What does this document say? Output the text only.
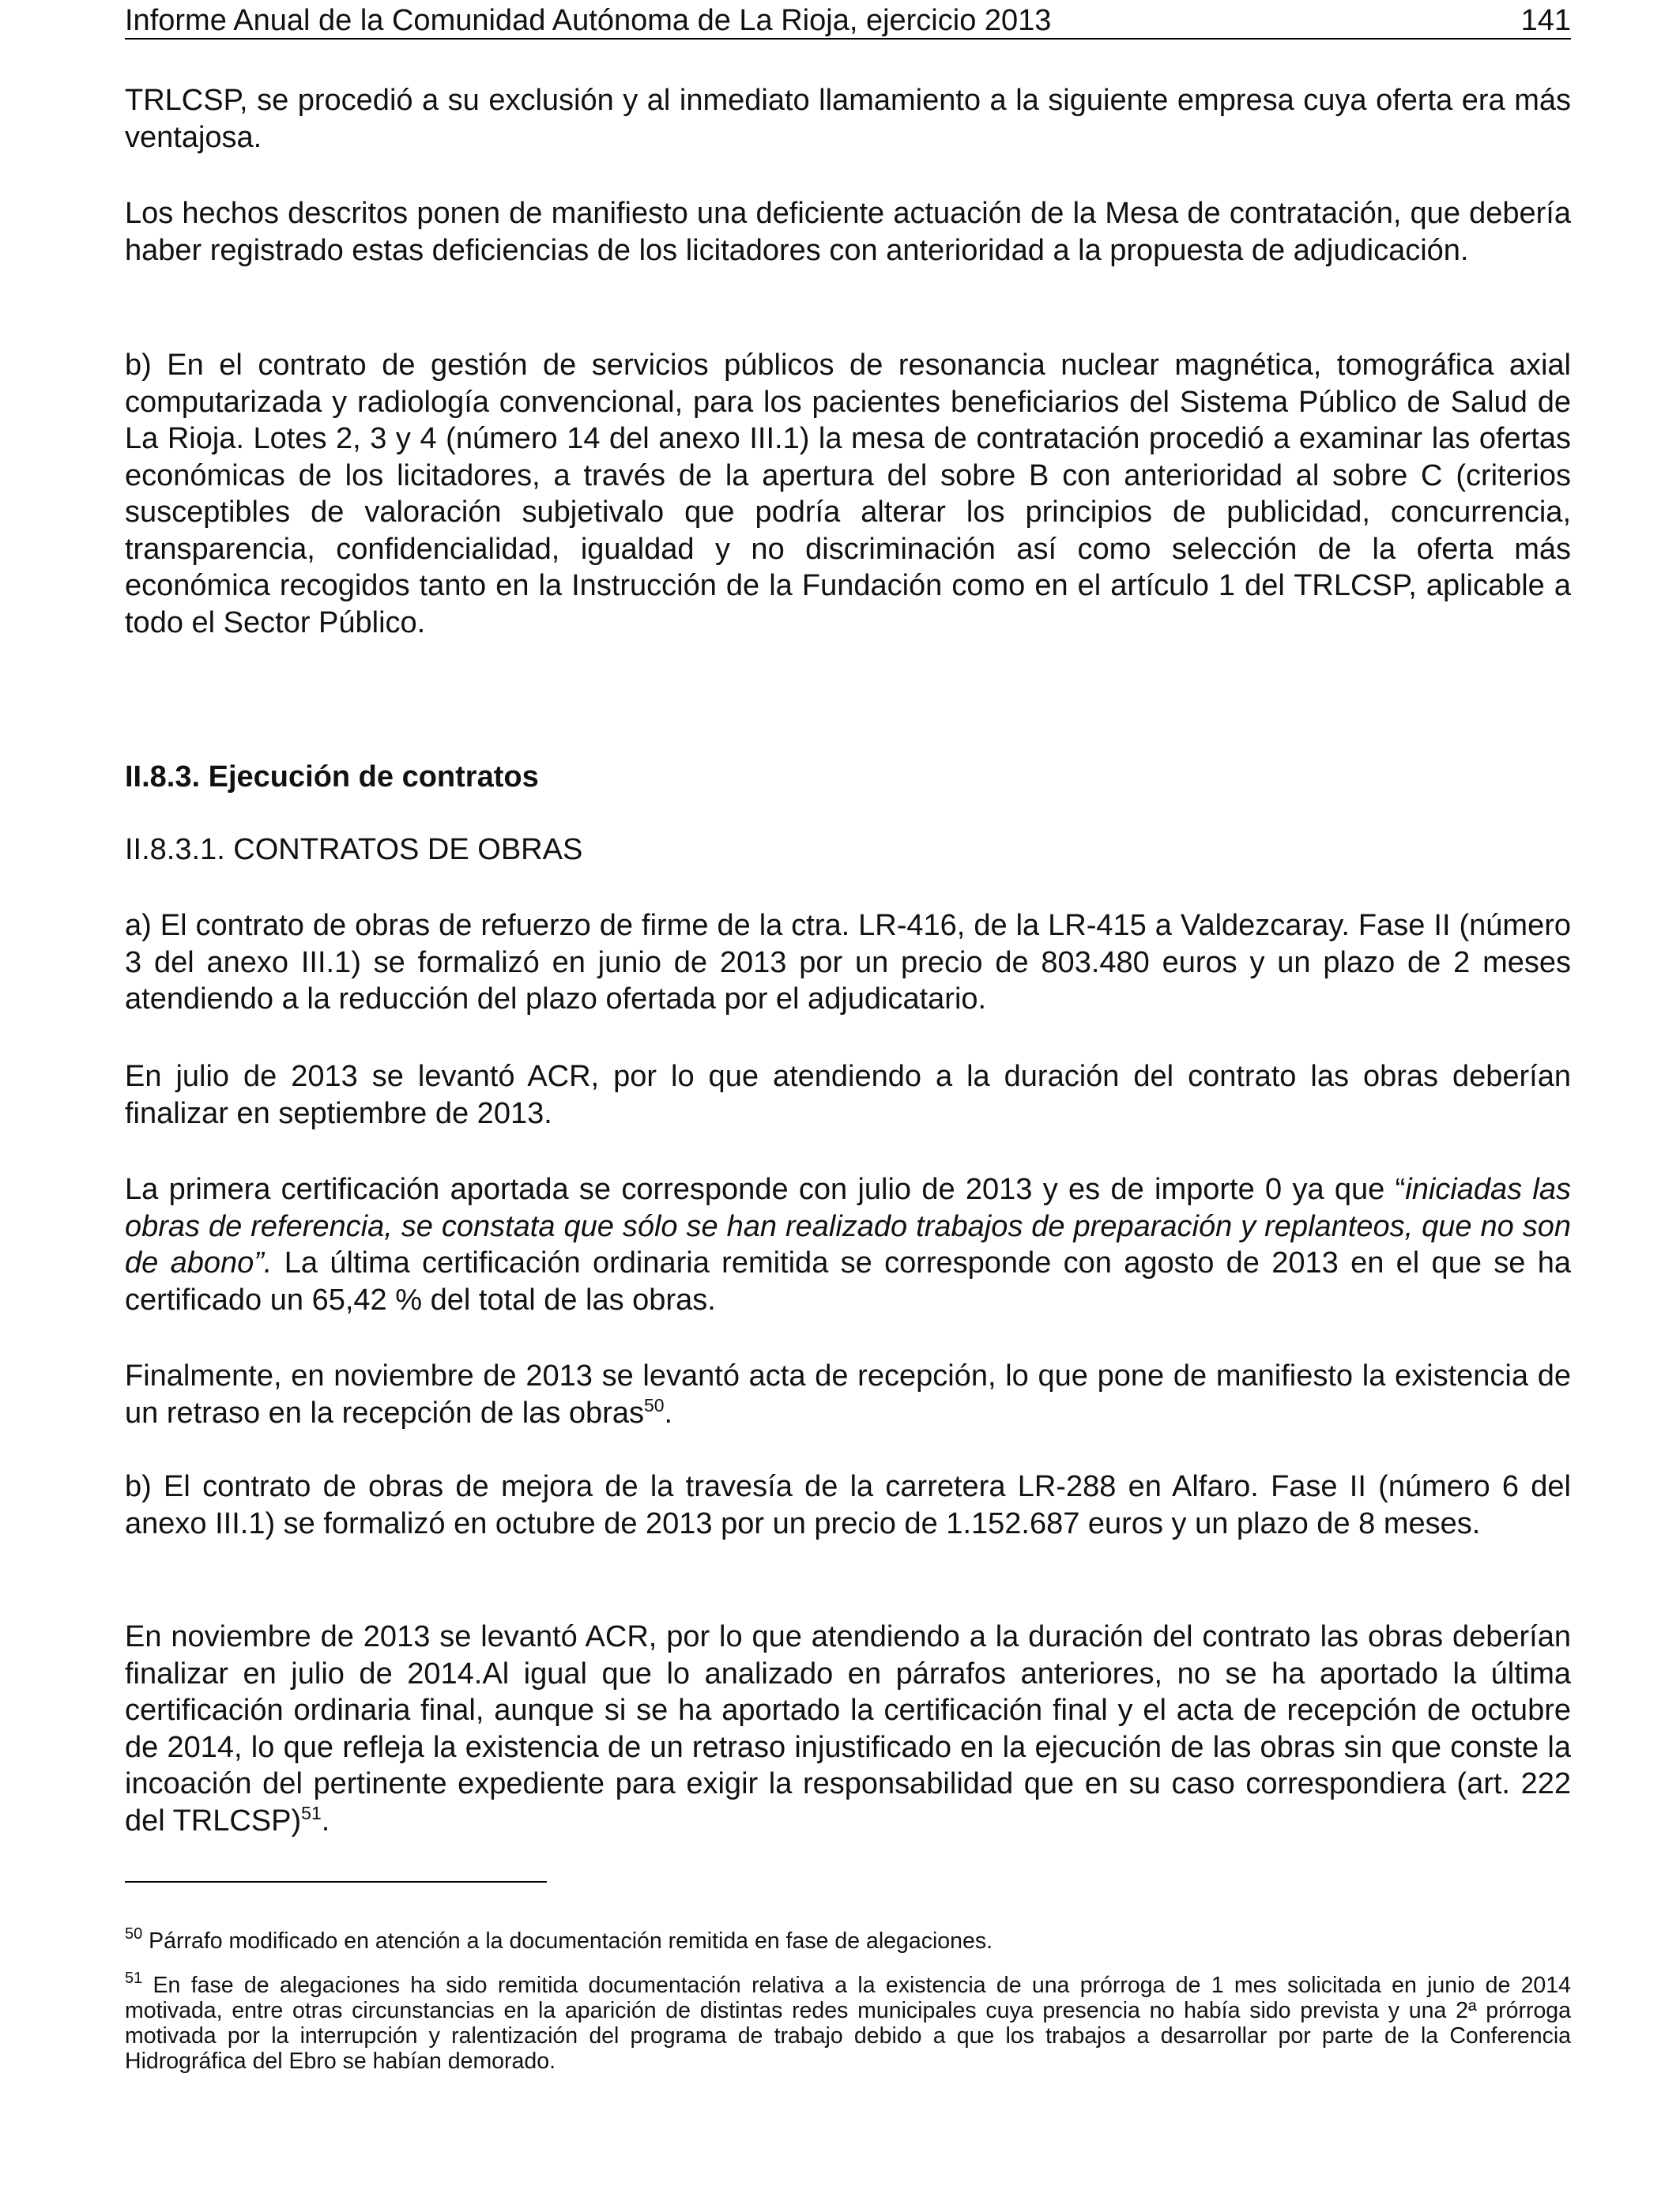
Informe Anual de la Comunidad Autónoma de La Rioja, ejercicio 2013	141
TRLCSP, se procedió a su exclusión y al inmediato llamamiento a la siguiente empresa cuya oferta era más ventajosa.
Los hechos descritos ponen de manifiesto una deficiente actuación de la Mesa de contratación, que debería haber registrado estas deficiencias de los licitadores con anterioridad a la propuesta de adjudicación.
b) En el contrato de gestión de servicios públicos de resonancia nuclear magnética, tomográfica axial computarizada y radiología convencional, para los pacientes beneficiarios del Sistema Público de Salud de La Rioja. Lotes 2, 3 y 4 (número 14 del anexo III.1) la mesa de contratación procedió a examinar las ofertas económicas de los licitadores, a través de la apertura del sobre B con anterioridad al sobre C (criterios susceptibles de valoración subjetivalo que podría alterar los principios de publicidad, concurrencia, transparencia, confidencialidad, igualdad y no discriminación así como selección de la oferta más económica recogidos tanto en la Instrucción de la Fundación como en el artículo 1 del TRLCSP, aplicable a todo el Sector Público.
II.8.3. Ejecución de contratos
II.8.3.1. CONTRATOS DE OBRAS
a) El contrato de obras de refuerzo de firme de la ctra. LR-416, de la LR-415 a Valdezcaray. Fase II (número 3 del anexo III.1) se formalizó en junio de 2013 por un precio de 803.480 euros y un plazo de 2 meses atendiendo a la reducción del plazo ofertada por el adjudicatario.
En julio de 2013 se levantó ACR, por lo que atendiendo a la duración del contrato las obras deberían finalizar en septiembre de 2013.
La primera certificación aportada se corresponde con julio de 2013 y es de importe 0 ya que “iniciadas las obras de referencia, se constata que sólo se han realizado trabajos de preparación y replanteos, que no son de abono”. La última certificación ordinaria remitida se corresponde con agosto de 2013 en el que se ha certificado un 65,42 % del total de las obras.
Finalmente, en noviembre de 2013 se levantó acta de recepción, lo que pone de manifiesto la existencia de un retraso en la recepción de las obras$^{50}$.
b) El contrato de obras de mejora de la travesía de la carretera LR-288 en Alfaro. Fase II (número 6 del anexo III.1) se formalizó en octubre de 2013 por un precio de 1.152.687 euros y un plazo de 8 meses.
En noviembre de 2013 se levantó ACR, por lo que atendiendo a la duración del contrato las obras deberían finalizar en julio de 2014.Al igual que lo analizado en párrafos anteriores, no se ha aportado la última certificación ordinaria final, aunque si se ha aportado la certificación final y el acta de recepción de octubre de 2014, lo que refleja la existencia de un retraso injustificado en la ejecución de las obras sin que conste la incoación del pertinente expediente para exigir la responsabilidad que en su caso correspondiera (art. 222 del TRLCSP)$^{51}$.
$^{50}$ Párrafo modificado en atención a la documentación remitida en fase de alegaciones.
$^{51}$ En fase de alegaciones ha sido remitida documentación relativa a la existencia de una prórroga de 1 mes solicitada en junio de 2014 motivada, entre otras circunstancias en la aparición de distintas redes municipales cuya presencia no había sido prevista y una 2ª prórroga motivada por la interrupción y ralentización del programa de trabajo debido a que los trabajos a desarrollar por parte de la Conferencia Hidrográfica del Ebro se habían demorado.
